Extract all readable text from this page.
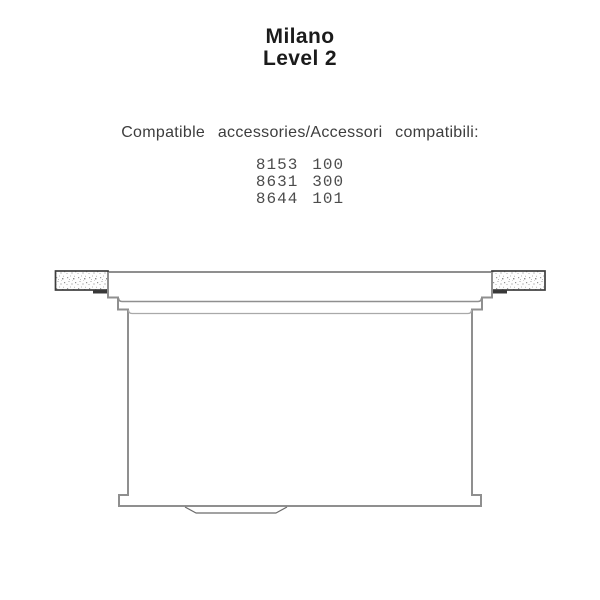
Milano
Level 2
Compatible accessories/Accessori compatibili:
8153 100
8631 300
8644 101
